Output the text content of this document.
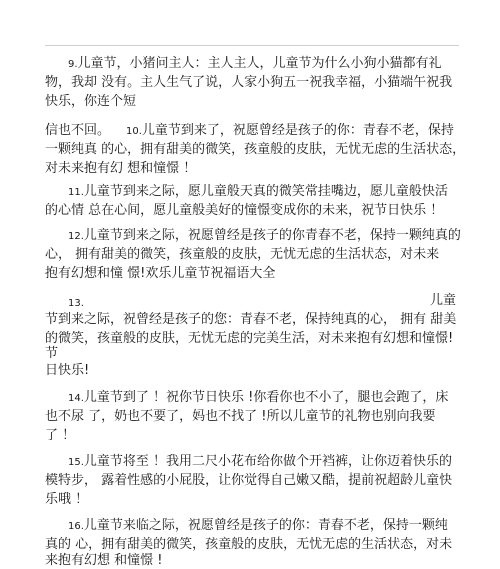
9.儿童节，小猪问主人：主人主人，儿童节为什么小狗小猫都有礼
物，我却 没有。主人生气了说，人家小狗五一祝我幸福，小猫端午祝我
快乐，你连个短
信也不回。 10.儿童节到来了，祝愿曾经是孩子的你：青春不老，保持
一颗纯真 的心，拥有甜美的微笑，孩童般的皮肤，无忧无虑的生活状态，
对未来抱有幻 想和憧憬 ！
11.儿童节到来之际，愿儿童般天真的微笑常挂嘴边，愿儿童般快活
的心情 总在心间，愿儿童般美好的憧憬变成你的未来，祝节日快乐 ！
12.儿童节到来之际，祝愿曾经是孩子的你青春不老，保持一颗纯真的
心， 拥有甜美的微笑，孩童般的皮肤，无忧无虑的生活状态，对未来
抱有幻想和憧 憬!欢乐儿童节祝福语大全
13.	儿童
节到来之际，祝曾经是孩子的您：青春不老，保持纯真的心， 拥有 甜美
的微笑，孩童般的皮肤，无忧无虑的完美生活，对未来抱有幻想和憧憬!
节
日快乐!
14.儿童节到了 ！祝你节日快乐 !你看你也不小了，腿也会跑了，床
也不尿 了，奶也不要了，妈也不找了 !所以儿童节的礼物也别向我要
了 ！
15.儿童节将至 ！我用二尺小花布给你做个开裆裤，让你迈着快乐的
模特步， 露着性感的小屁股，让你觉得自己嫩又酷，提前祝超龄儿童快
乐哦 ！
16.儿童节来临之际，祝愿曾经是孩子的你：青春不老，保持一颗纯
真的 心，拥有甜美的微笑，孩童般的皮肤，无忧无虑的生活状态，对未
来抱有幻想 和憧憬 !
